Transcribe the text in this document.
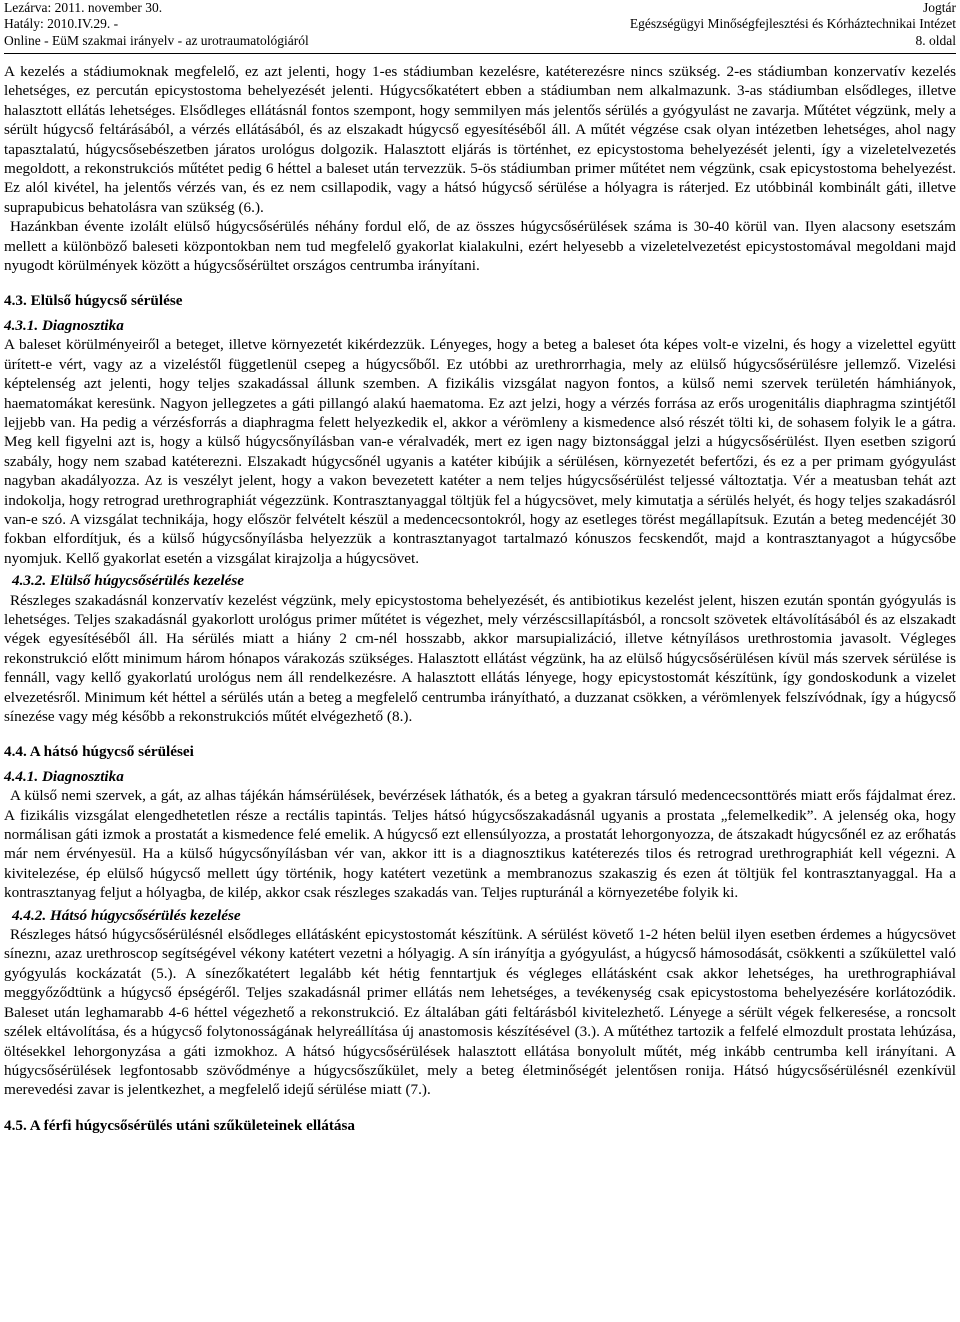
Lezárva: 2011. november 30.
Hatály: 2010.IV.29. -
Online - EüM szakmai irányelv - az urotraumatológiáról
Jogtár
Egészségügyi Minőségfejlesztési és Kórháztechnikai Intézet
8. oldal

A kezelés a stádiumoknak megfelelő, ez azt jelenti, hogy 1-es stádiumban kezelésre, katéterezésre nincs szükség. 2-es stádiumban konzervatív kezelés lehetséges, ez percután epicystostoma behelyezését jelenti. Húgycsőkatétert ebben a stádiumban nem alkalmazunk. 3-as stádiumban elsődleges, illetve halasztott ellátás lehetséges. Elsődleges ellátásnál fontos szempont, hogy semmilyen más jelentős sérülés a gyógyulást ne zavarja. Műtétet végzünk, mely a sérült húgycső feltárásából, a vérzés ellátásából, és az elszakadt húgycső egyesítéséből áll. A műtét végzése csak olyan intézetben lehetséges, ahol nagy tapasztalatú, húgycsősebészetben járatos urológus dolgozik. Halasztott eljárás is történhet, ez epicystostoma behelyezését jelenti, így a vizeletelvezetés megoldott, a rekonstrukciós műtétet pedig 6 héttel a baleset után tervezzük. 5-ös stádiumban primer műtétet nem végzünk, csak epicystostoma behelyezést. Ez alól kivétel, ha jelentős vérzés van, és ez nem csillapodik, vagy a hátsó húgycső sérülése a hólyagra is ráterjed. Ez utóbbinál kombinált gáti, illetve suprapubicus behatolásra van szükség (6.).

Hazánkban évente izolált elülső húgycsősérülés néhány fordul elő, de az összes húgycsősérülések száma is 30-40 körül van. Ilyen alacsony esetszám mellett a különböző baleseti központokban nem tud megfelelő gyakorlat kialakulni, ezért helyesebb a vizeletelvezetést epicystostomával megoldani majd nyugodt körülmények között a húgycsősérültet országos centrumba irányítani.

4.3. Elülső húgycső sérülése
4.3.1. Diagnosztika

A baleset körülményeiről a beteget, illetve környezetét kikérdezzük. Lényeges, hogy a beteg a baleset óta képes volt-e vizelni, és hogy a vizelettel együtt ürített-e vért, vagy az a vizeléstől függetlenül csepeg a húgycsőből. Ez utóbbi az urethrorrhagia, mely az elülső húgycsősérülésre jellemző. Vizelési képtelenség azt jelenti, hogy teljes szakadással állunk szemben. A fizikális vizsgálat nagyon fontos, a külső nemi szervek területén hámhiányok, haematomákat keresünk. Nagyon jellegzetes a gáti pillangó alakú haematoma. Ez azt jelzi, hogy a vérzés forrása az erős urogenitális diaphragma szintjétől lejjebb van. Ha pedig a vérzésforrás a diaphragma felett helyezkedik el, akkor a vérömleny a kismedence alsó részét tölti ki, de sohasem folyik le a gátra. Meg kell figyelni azt is, hogy a külső húgycsőnyílásban van-e véralvadék, mert ez igen nagy biztonsággal jelzi a húgycsősérülést. Ilyen esetben szigorú szabály, hogy nem szabad katéterezni. Elszakadt húgycsőnél ugyanis a katéter kibújik a sérülésen, környezetét befertőzi, és ez a per primam gyógyulást nagyban akadályozza. Az is veszélyt jelent, hogy a vakon bevezetett katéter a nem teljes húgycsősérülést teljessé változtatja. Vér a meatusban tehát azt indokolja, hogy retrograd urethrographiát végezzünk. Kontrasztanyaggal töltjük fel a húgycsövet, mely kimutatja a sérülés helyét, és hogy teljes szakadásról van-e szó. A vizsgálat technikája, hogy először felvételt készül a medencecsontokról, hogy az esetleges törést megállapítsuk. Ezután a beteg medencéjét 30 fokban elfordítjuk, és a külső húgycsőnyílásba helyezzük a kontrasztanyagot tartalmazó kónuszos fecskendőt, majd a kontrasztanyagot a húgycsőbe nyomjuk. Kellő gyakorlat esetén a vizsgálat kirajzolja a húgycsövet.

4.3.2. Elülső húgycsősérülés kezelése

Részleges szakadásnál konzervatív kezelést végzünk, mely epicystostoma behelyezését, és antibiotikus kezelést jelent, hiszen ezután spontán gyógyulás is lehetséges. Teljes szakadásnál gyakorlott urológus primer műtétet is végezhet, mely vérzéscsillapításból, a roncsolt szövetek eltávolításából és az elszakadt végek egyesítéséből áll. Ha sérülés miatt a hiány 2 cm-nél hosszabb, akkor marsupializáció, illetve kétnyílásos urethrostomia javasolt. Végleges rekonstrukció előtt minimum három hónapos várakozás szükséges. Halasztott ellátást végzünk, ha az elülső húgycsősérülésen kívül más szervek sérülése is fennáll, vagy kellő gyakorlatú urológus nem áll rendelkezésre. A halasztott ellátás lényege, hogy epicystostomát készítünk, így gondoskodunk a vizelet elvezetésről. Minimum két héttel a sérülés után a beteg a megfelelő centrumba irányítható, a duzzanat csökken, a vérömlenyek felszívódnak, így a húgycső sínezése vagy még később a rekonstrukciós műtét elvégezhető (8.).

4.4. A hátsó húgycső sérülései
4.4.1. Diagnosztika

A külső nemi szervek, a gát, az alhas tájékán hámsérülések, bevérzések láthatók, és a beteg a gyakran társuló medencecsonttörés miatt erős fájdalmat érez. A fizikális vizsgálat elengedhetetlen része a rectális tapintás. Teljes hátsó húgycsőszakadásnál ugyanis a prostata „felemelkedik”. A jelenség oka, hogy normálisan gáti izmok a prostatát a kismedence felé emelik. A húgycső ezt ellensúlyozza, a prostatát lehorgonyozza, de átszakadt húgycsőnél ez az erőhatás már nem érvényesül. Ha a külső húgycsőnyílásban vér van, akkor itt is a diagnosztikus katéterezés tilos és retrograd urethrographiát kell végezni. A kivitelezése, ép elülső húgycső mellett úgy történik, hogy katétert vezetünk a membranozus szakaszig és ezen át töltjük fel kontrasztanyaggal. Ha a kontrasztanyag feljut a hólyagba, de kilép, akkor csak részleges szakadás van. Teljes rupturánál a környezetébe folyik ki.

4.4.2. Hátsó húgycsősérülés kezelése

Részleges hátsó húgycsősérülésnél elsődleges ellátásként epicystostomát készítünk. A sérülést követő 1-2 héten belül ilyen esetben érdemes a húgycsövet síneznı, azaz urethroscop segítségével vékony katétert vezetni a hólyagig. A sín irányítja a gyógyulást, a húgycső hámosodását, csökkenti a szűkülettel való gyógyulás kockázatát (5.). A sínezőkatétert legalább két hétig fenntartjuk és végleges ellátásként csak akkor lehetséges, ha urethrographiával meggyőződtünk a húgycső épségéről. Teljes szakadásnál primer ellátás nem lehetséges, a tevékenység csak epicystostoma behelyezésére korlátozódik. Baleset után leghamarabb 4-6 héttel végezhető a rekonstrukció. Ez általában gáti feltárásból kivitelezhető. Lényege a sérült végek felkeresése, a roncsolt szélek eltávolítása, és a húgycső folytonosságának helyreállítása új anastomosis készítésével (3.). A műtéthez tartozik a felfelé elmozdult prostata lehúzása, öltésekkel lehorgonyzása a gáti izmokhoz. A hátsó húgycsősérülések halasztott ellátása bonyolult műtét, még inkább centrumba kell irányítani. A húgycsősérülések legfontosabb szövődménye a húgycsőszűkület, mely a beteg életminőségét jelentősen ronija. Hátsó húgycsősérülésnél ezenkívül merevedési zavar is jelentkezhet, a megfelelő idejű sérülése miatt (7.).

4.5. A férfi húgycsősérülés utáni szűkületeinek ellátása
